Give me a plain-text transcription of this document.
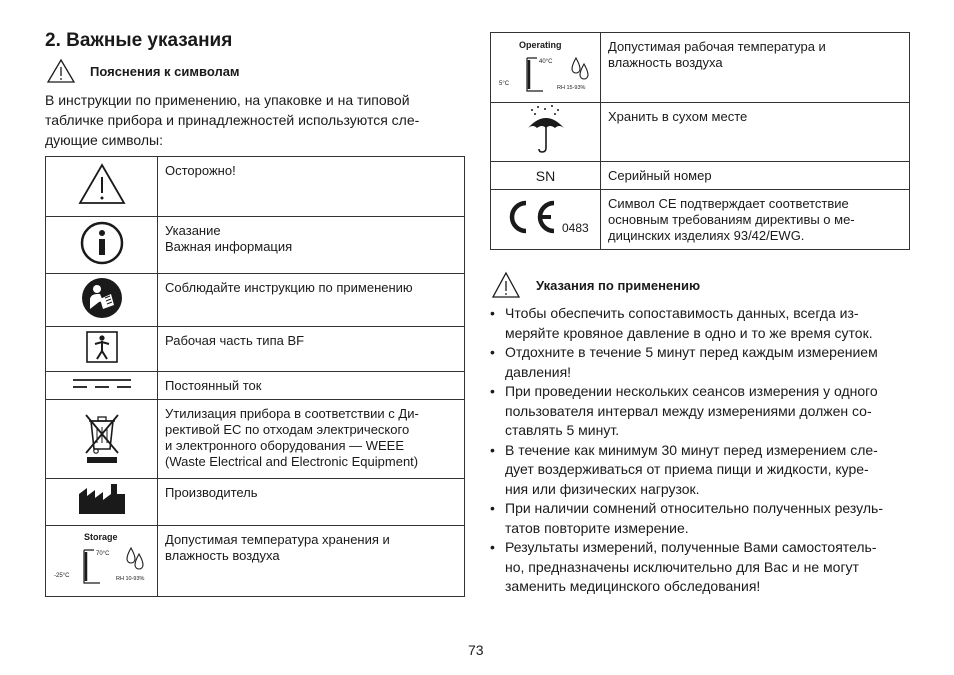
2. Важные указания
Пояснения к символам
В инструкции по применению, на упаковке и на типовой
табличке прибора и принадлежностей используются сле-
дующие символы:

Осторожно!

Указание
Важная информация

Соблюдайте инструкцию по применению

Рабочая часть типа BF

Постоянный ток

Утилизация прибора в соответствии с Ди-
рективой ЕС по отходам электрического
и электронного оборудования — WEEE
(Waste Electrical and Electronic Equipment)

Производитель

Storage
70°C
-25°C RH 10-93%	Допустимая температура хранения и
влажность воздуха
Operating
40°C
5°C
RH 15-93%	Допустимая рабочая температура и
влажность воздуха

Хранить в сухом месте

SN	Серийный номер

0483	Символ CE подтверждает соответствие
основным требованиям директивы о ме-
дицинских изделиях 93/42/EWG.
Указания по применению
• Чтобы обеспечить сопоставимость данных, всегда из-
меряйте кровяное давление в одно и то же время суток.
• Отдохните в течение 5 минут перед каждым измерением
давления!
• При проведении нескольких сеансов измерения у одного
пользователя интервал между измерениями должен со-
ставлять 5 минут.
• В течение как минимум 30 минут перед измерением сле-
дует воздерживаться от приема пищи и жидкости, куре-
ния или физических нагрузок.
• При наличии сомнений относительно полученных резуль-
татов повторите измерение.
• Результаты измерений, полученные Вами самостоятель-
но, предназначены исключительно для Вас и не могут
заменить медицинского обследования!
73
